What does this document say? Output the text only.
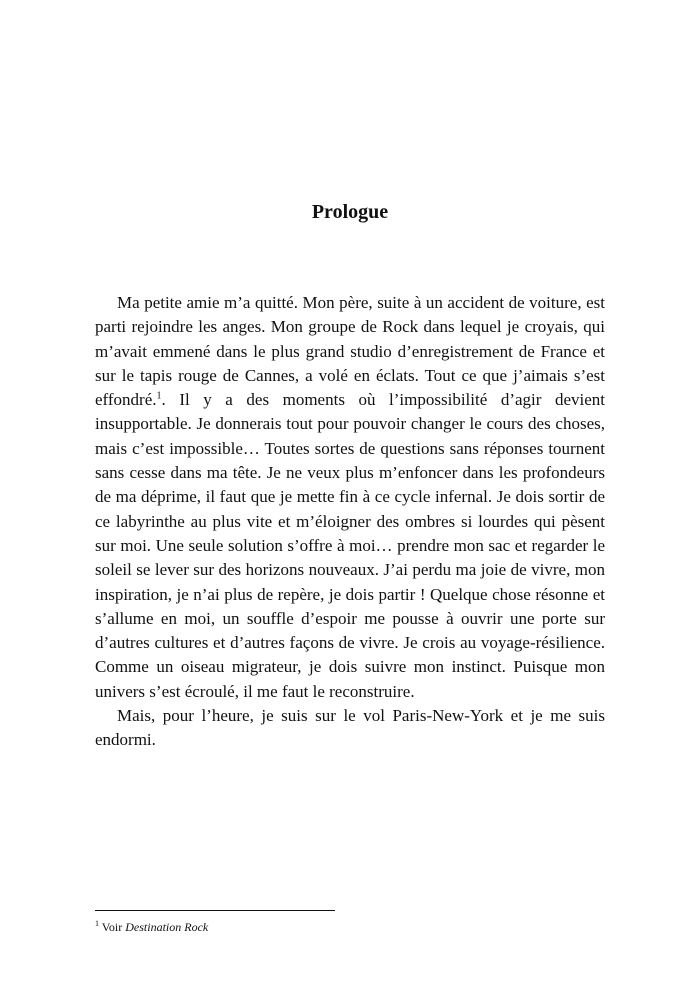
Prologue

Ma petite amie m’a quitté. Mon père, suite à un accident de voiture, est parti rejoindre les anges. Mon groupe de Rock dans lequel je croyais, qui m’avait emmené dans le plus grand studio d’enregistrement de France et sur le tapis rouge de Cannes, a volé en éclats. Tout ce que j’aimais s’est effondré.$^1$. Il y a des moments où l’impossibilité d’agir devient insupportable. Je donnerais tout pour pouvoir changer le cours des choses, mais c’est impossible… Toutes sortes de questions sans réponses tournent sans cesse dans ma tête. Je ne veux plus m’enfoncer dans les profondeurs de ma déprime, il faut que je mette fin à ce cycle infernal. Je dois sortir de ce labyrinthe au plus vite et m’éloigner des ombres si lourdes qui pèsent sur moi. Une seule solution s’offre à moi… prendre mon sac et regarder le soleil se lever sur des horizons nouveaux. J’ai perdu ma joie de vivre, mon inspiration, je n’ai plus de repère, je dois partir ! Quelque chose résonne et s’allume en moi, un souffle d’espoir me pousse à ouvrir une porte sur d’autres cultures et d’autres façons de vivre. Je crois au voyage-résilience. Comme un oiseau migrateur, je dois suivre mon instinct. Puisque mon univers s’est écroulé, il me faut le reconstruire.

Mais, pour l’heure, je suis sur le vol Paris-New-York et je me suis endormi.

$^1$ Voir Destination Rock
